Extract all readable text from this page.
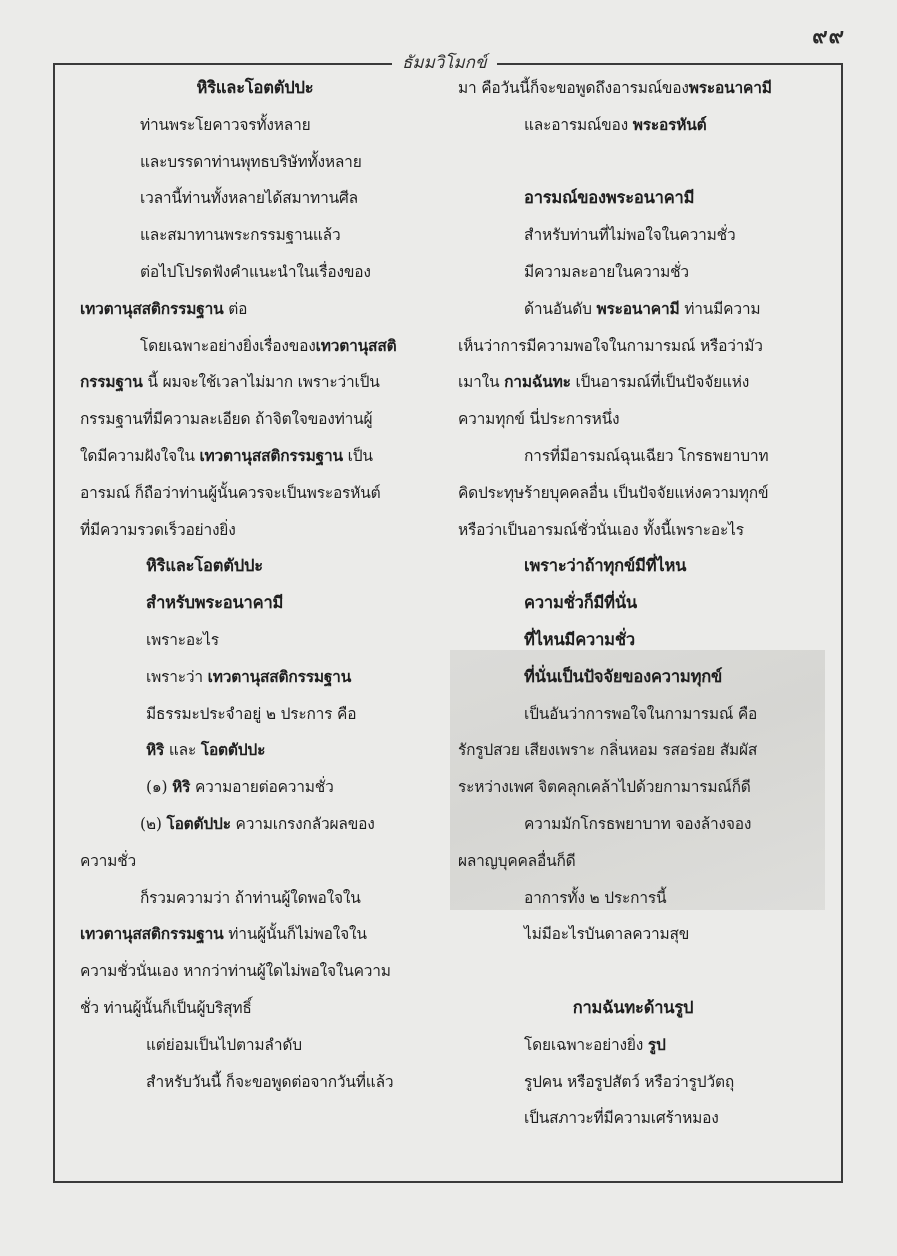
๙๙
ธัมมวิโมกข์
หิริและโอตตัปปะ
ท่านพระโยคาวจรทั้งหลาย
และบรรดาท่านพุทธบริษัททั้งหลาย
เวลานี้ท่านทั้งหลายได้สมาทานศีล
และสมาทานพระกรรมฐานแล้ว
ต่อไปโปรดฟังคำแนะนำในเรื่องของ
เทวตานุสสติกรรมฐาน ต่อ
โดยเฉพาะอย่างยิ่งเรื่องของเทวตานุสสติ
กรรมฐาน นี้ ผมจะใช้เวลาไม่มาก เพราะว่าเป็น
กรรมฐานที่มีความละเอียด ถ้าจิตใจของท่านผู้
ใดมีความฝังใจใน เทวตานุสสติกรรมฐาน เป็น
อารมณ์ ก็ถือว่าท่านผู้นั้นควรจะเป็นพระอรหันต์
ที่มีความรวดเร็วอย่างยิ่ง
หิริและโอตตัปปะ
สำหรับพระอนาคามี
เพราะอะไร
เพราะว่า เทวตานุสสติกรรมฐาน
มีธรรมะประจำอยู่ ๒ ประการ คือ
หิริ และ โอตตัปปะ
(๑) หิริ ความอายต่อความชั่ว
(๒) โอตตัปปะ ความเกรงกลัวผลของ
ความชั่ว
ก็รวมความว่า ถ้าท่านผู้ใดพอใจใน
เทวตานุสสติกรรมฐาน ท่านผู้นั้นก็ไม่พอใจใน
ความชั่วนั่นเอง หากว่าท่านผู้ใดไม่พอใจในความ
ชั่ว ท่านผู้นั้นก็เป็นผู้บริสุทธิ์
แต่ย่อมเป็นไปตามลำดับ
สำหรับวันนี้ ก็จะขอพูดต่อจากวันที่แล้ว
มา คือวันนี้ก็จะขอพูดถึงอารมณ์ของพระอนาคามี
และอารมณ์ของ พระอรหันต์
อารมณ์ของพระอนาคามี
สำหรับท่านที่ไม่พอใจในความชั่ว
มีความละอายในความชั่ว
ด้านอันดับ พระอนาคามี ท่านมีความ
เห็นว่าการมีความพอใจในกามารมณ์ หรือว่ามัว
เมาใน กามฉันทะ เป็นอารมณ์ที่เป็นปัจจัยแห่ง
ความทุกข์ นี่ประการหนึ่ง
การที่มีอารมณ์ฉุนเฉียว โกรธพยาบาท
คิดประทุษร้ายบุคคลอื่น เป็นปัจจัยแห่งความทุกข์
หรือว่าเป็นอารมณ์ชั่วนั่นเอง ทั้งนี้เพราะอะไร
เพราะว่าถ้าทุกข์มีที่ไหน
ความชั่วก็มีที่นั่น
ที่ไหนมีความชั่ว
ที่นั่นเป็นปัจจัยของความทุกข์
เป็นอันว่าการพอใจในกามารมณ์ คือ
รักรูปสวย เสียงเพราะ กลิ่นหอม รสอร่อย สัมผัส
ระหว่างเพศ จิตคลุกเคล้าไปด้วยกามารมณ์ก็ดี
ความมักโกรธพยาบาท จองล้างจอง
ผลาญบุคคลอื่นก็ดี
อาการทั้ง ๒ ประการนี้
ไม่มีอะไรบันดาลความสุข
กามฉันทะด้านรูป
โดยเฉพาะอย่างยิ่ง รูป
รูปคน หรือรูปสัตว์ หรือว่ารูปวัตถุ
เป็นสภาวะที่มีความเศร้าหมอง
